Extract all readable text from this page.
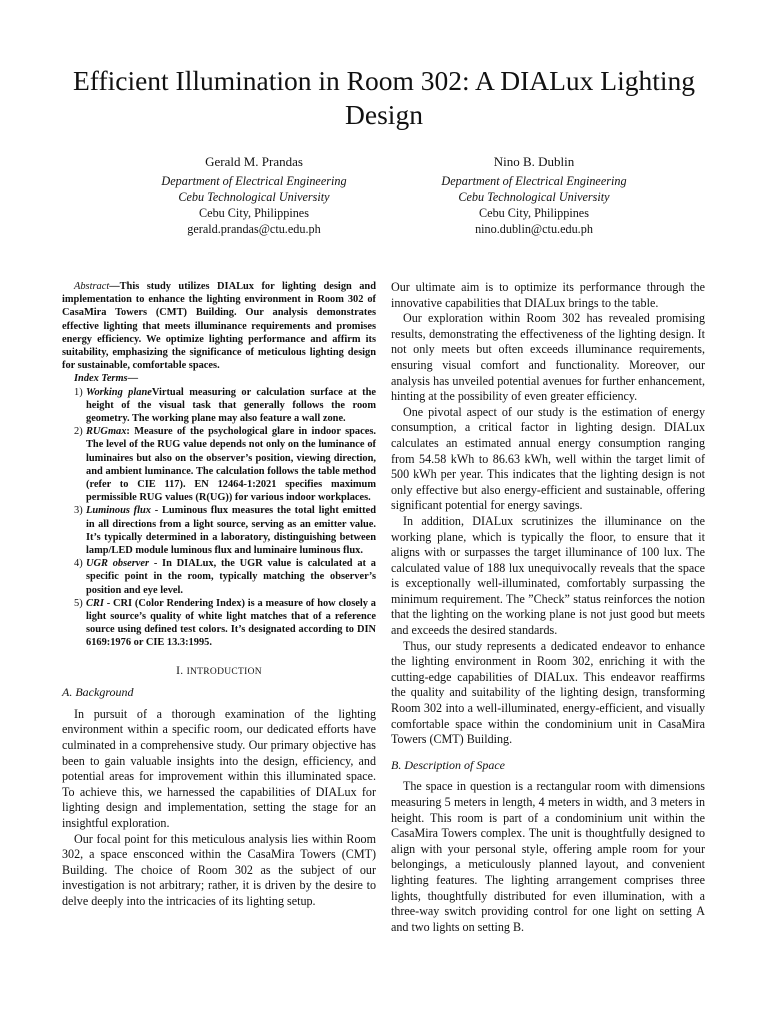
Efficient Illumination in Room 302: A DIALux Lighting Design
Gerald M. Prandas
Department of Electrical Engineering
Cebu Technological University
Cebu City, Philippines
gerald.prandas@ctu.edu.ph
Nino B. Dublin
Department of Electrical Engineering
Cebu Technological University
Cebu City, Philippines
nino.dublin@ctu.edu.ph

Abstract—This study utilizes DIALux for lighting design and implementation to enhance the lighting environment in Room 302 of CasaMira Towers (CMT) Building. Our analysis demonstrates effective lighting that meets illuminance requirements and promises energy efficiency. We optimize lighting performance and affirm its suitability, emphasizing the significance of meticulous lighting design for sustainable, comfortable spaces.

Index Terms—
1) Working planeVirtual measuring or calculation surface at the height of the visual task that generally follows the room geometry. The working plane may also feature a wall zone.
2) RUGmax: Measure of the psychological glare in indoor spaces. The level of the RUG value depends not only on the luminance of luminaires but also on the observer’s position, viewing direction, and ambient luminance. The calculation follows the table method (refer to CIE 117). EN 12464-1:2021 specifies maximum permissible RUG values (R(UG)) for various indoor workplaces.
3) Luminous flux - Luminous flux measures the total light emitted in all directions from a light source, serving as an emitter value. It’s typically determined in a laboratory, distinguishing between lamp/LED module luminous flux and luminaire luminous flux.
4) UGR observer - In DIALux, the UGR value is calculated at a specific point in the room, typically matching the observer’s position and eye level.
5) CRI - CRI (Color Rendering Index) is a measure of how closely a light source’s quality of white light matches that of a reference source using defined test colors. It’s designated according to DIN 6169:1976 or CIE 13.3:1995.
I. INTRODUCTION
A. Background

In pursuit of a thorough examination of the lighting environment within a specific room, our dedicated efforts have culminated in a comprehensive study. Our primary objective has been to gain valuable insights into the design, efficiency, and potential areas for improvement within this illuminated space. To achieve this, we harnessed the capabilities of DIALux for lighting design and implementation, setting the stage for an insightful exploration.

Our focal point for this meticulous analysis lies within Room 302, a space ensconced within the CasaMira Towers (CMT) Building. The choice of Room 302 as the subject of our investigation is not arbitrary; rather, it is driven by the desire to delve deeply into the intricacies of its lighting setup.

Our ultimate aim is to optimize its performance through the innovative capabilities that DIALux brings to the table.

Our exploration within Room 302 has revealed promising results, demonstrating the effectiveness of the lighting design. It not only meets but often exceeds illuminance requirements, ensuring visual comfort and functionality. Moreover, our analysis has unveiled potential avenues for further enhancement, hinting at the possibility of even greater efficiency.

One pivotal aspect of our study is the estimation of energy consumption, a critical factor in lighting design. DIALux calculates an estimated annual energy consumption ranging from 54.58 kWh to 86.63 kWh, well within the target limit of 500 kWh per year. This indicates that the lighting design is not only effective but also energy-efficient and sustainable, offering significant potential for energy savings.

In addition, DIALux scrutinizes the illuminance on the working plane, which is typically the floor, to ensure that it aligns with or surpasses the target illuminance of 100 lux. The calculated value of 188 lux unequivocally reveals that the space is exceptionally well-illuminated, comfortably surpassing the minimum requirement. The ”Check” status reinforces the notion that the lighting on the working plane is not just good but meets and exceeds the desired standards.

Thus, our study represents a dedicated endeavor to enhance the lighting environment in Room 302, enriching it with the cutting-edge capabilities of DIALux. This endeavor reaffirms the quality and suitability of the lighting design, transforming Room 302 into a well-illuminated, energy-efficient, and visually comfortable space within the condominium unit in CasaMira Towers (CMT) Building.

B. Description of Space

The space in question is a rectangular room with dimensions measuring 5 meters in length, 4 meters in width, and 3 meters in height. This room is part of a condominium unit within the CasaMira Towers complex. The unit is thoughtfully designed to align with your personal style, offering ample room for your belongings, a meticulously planned layout, and convenient lighting features. The lighting arrangement comprises three lights, thoughtfully distributed for even illumination, with a three-way switch providing control for one light on setting A and two lights on setting B.
